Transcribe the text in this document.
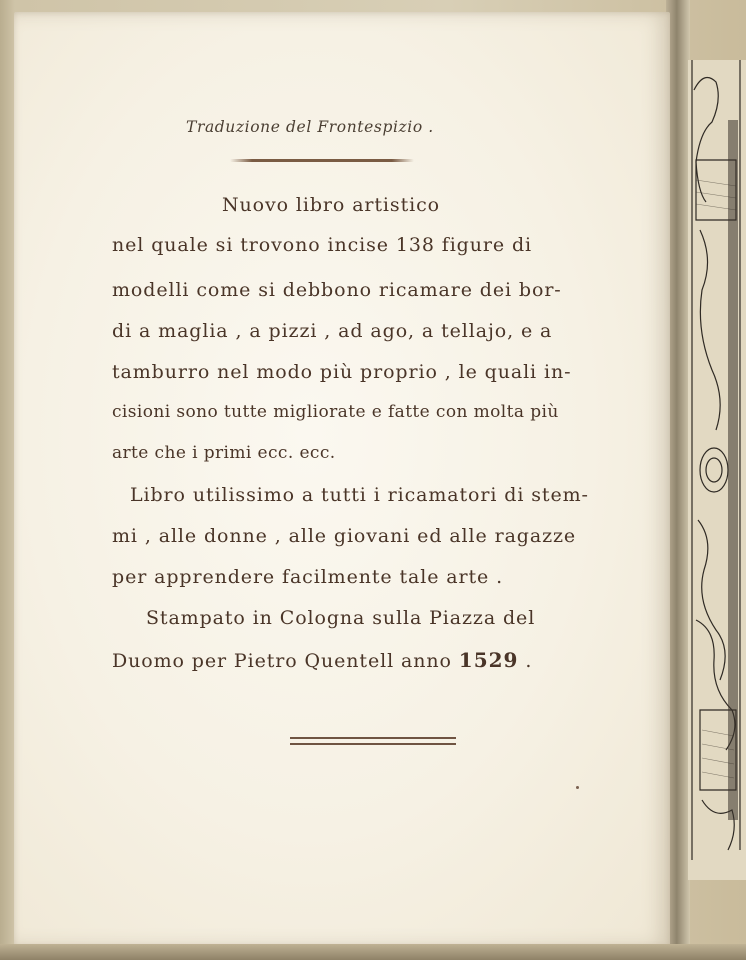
Traduzione del Frontespizio .
Nuovo libro artistico
nel quale si trovono incise 138 figure di
modelli come si debbono ricamare dei bor-
di a maglia , a pizzi , ad ago, a tellajo, e a
tamburro nel modo più proprio , le quali in-
cisioni sono tutte migliorate e fatte con molta più
arte che i primi ecc. ecc.
Libro utilissimo a tutti i ricamatori di stem-
mi , alle donne , alle giovani ed alle ragazze
per apprendere facilmente tale arte .
Stampato in Cologna sulla Piazza del
Duomo per Pietro Quentell anno 1529 .
